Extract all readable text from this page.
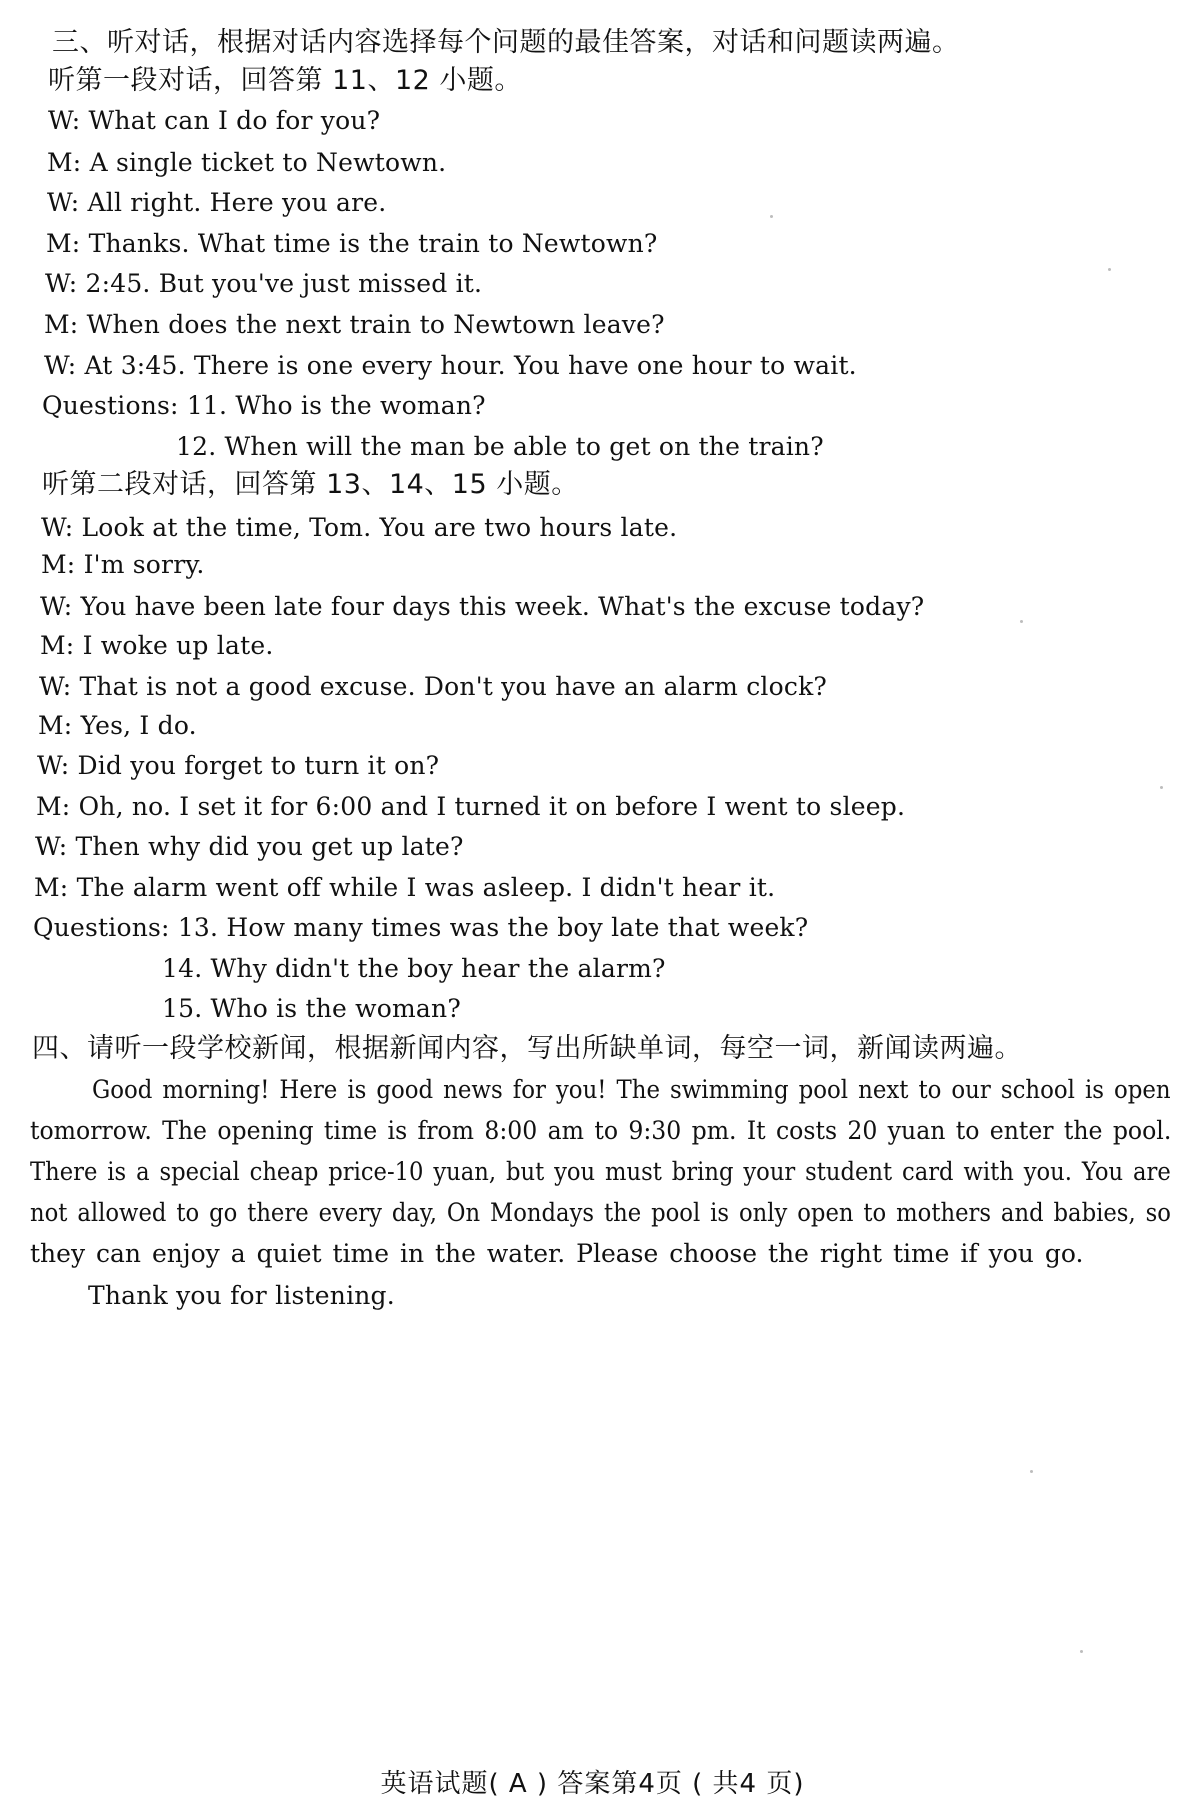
三、听对话，根据对话内容选择每个问题的最佳答案，对话和问题读两遍。
听第一段对话，回答第 11、12 小题。
W: What can I do for you?
M: A single ticket to Newtown.
W: All right. Here you are.
M: Thanks. What time is the train to Newtown?
W: 2:45. But you've just missed it.
M: When does the next train to Newtown leave?
W: At 3:45. There is one every hour. You have one hour to wait.
Questions: 11. Who is the woman?
12. When will the man be able to get on the train?
听第二段对话，回答第 13、14、15 小题。
W: Look at the time, Tom. You are two hours late.
M: I'm sorry.
W: You have been late four days this week. What's the excuse today?
M: I woke up late.
W: That is not a good excuse. Don't you have an alarm clock?
M: Yes, I do.
W: Did you forget to turn it on?
M: Oh, no. I set it for 6:00 and I turned it on before I went to sleep.
W: Then why did you get up late?
M: The alarm went off while I was asleep. I didn't hear it.
Questions: 13. How many times was the boy late that week?
14. Why didn't the boy hear the alarm?
15. Who is the woman?
四、请听一段学校新闻，根据新闻内容，写出所缺单词，每空一词，新闻读两遍。
Good morning! Here is good news for you! The swimming pool next to our school is open
tomorrow. The opening time is from 8:00 am to 9:30 pm. It costs 20 yuan to enter the pool.
There is a special cheap price-10 yuan, but you must bring your student card with you. You are
not allowed to go there every day, On Mondays the pool is only open to mothers and babies, so
they can enjoy a quiet time in the water. Please choose the right time if you go.
Thank you for listening.
英语试题( A ) 答案第4页 ( 共4 页)
